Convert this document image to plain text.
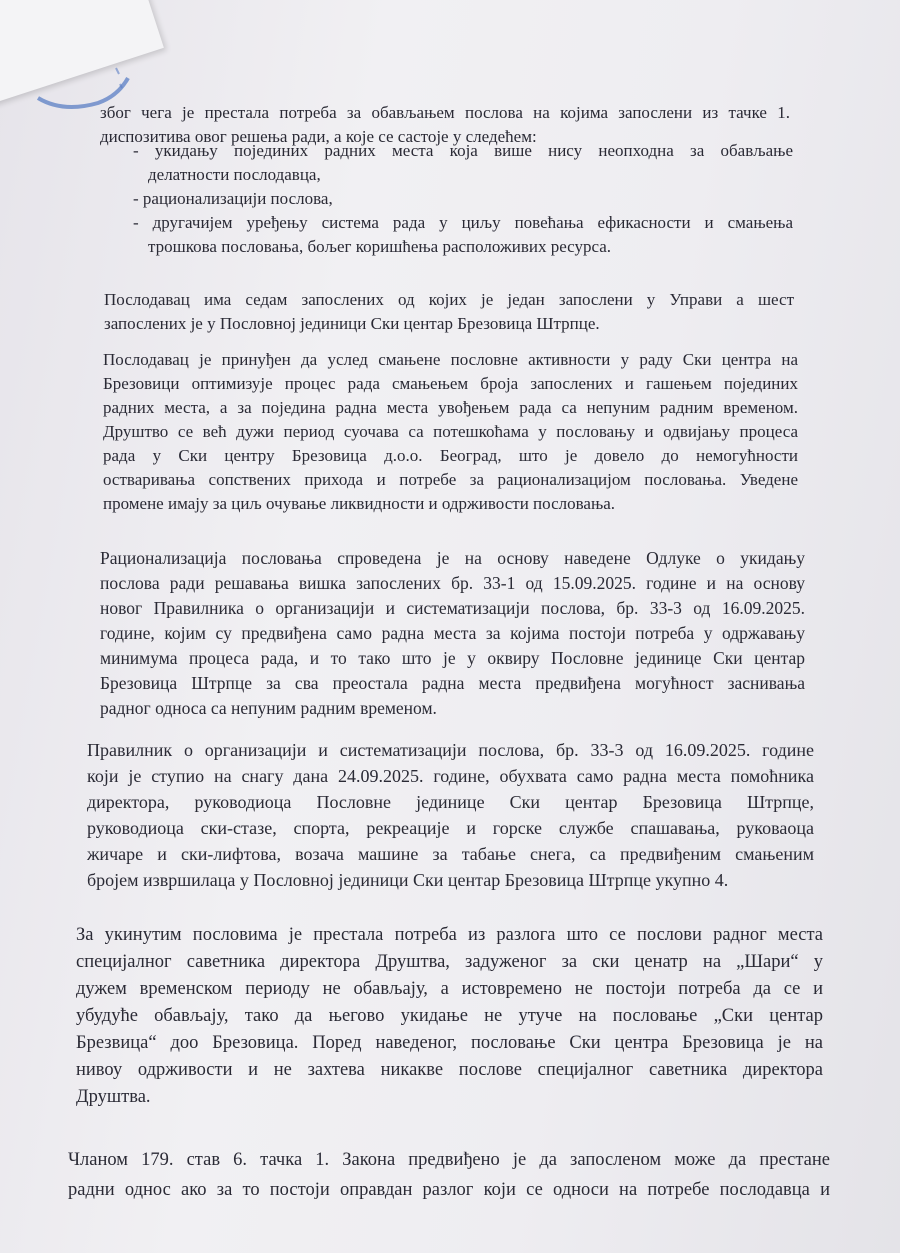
због чега је престала потреба за обављањем послова на којима запослени из тачке 1.
диспозитива овог решења ради, а које се састоје у следећем:
- укидању појединих радних места која више нису неопходна за обављање
делатности послодавца,
- рационализацији послова,
- другачијем уређењу система рада у циљу повећања ефикасности и смањења
трошкова пословања, бољег коришћења расположивих ресурса.
Послодавац има седам запослених од којих је један запослени у Управи а шест
запослених је у Пословној јединици Ски центар Брезовица Штрпце.
Послодавац је принуђен да услед смањене пословне активности у раду Ски центра на
Брезовици оптимизује процес рада смањењем броја запослених и гашењем појединих
радних места, а за поједина радна места увођењем рада са непуним радним временом.
Друштво се већ дужи период суочава са потешкоћама у пословању и одвијању процеса
рада у Ски центру Брезовица д.о.о. Београд, што је довело до немогућности
остваривања сопствених прихода и потребе за рационализацијом пословања. Уведене
промене имају за циљ очување ликвидности и одрживости пословања.
Рационализација пословања спроведена је на основу наведене Одлуке о укидању
послова ради решавања вишка запослених бр. 33-1 од 15.09.2025. године и на основу
новог Правилника о организацији и систематизацији послова, бр. 33-3 од 16.09.2025.
године, којим су предвиђена само радна места за којима постоји потреба у одржавању
минимума процеса рада, и то тако што је у оквиру Пословне јединице Ски центар
Брезовица Штрпце за сва преостала радна места предвиђена могућност заснивања
радног односа са непуним радним временом.
Правилник о организацији и систематизацији послова, бр. 33-3 од 16.09.2025. године
који је ступио на снагу дана 24.09.2025. године, обухвата само радна места помоћника
директора, руководиоца Пословне јединице Ски центар Брезовица Штрпце,
руководиоца ски-стазе, спорта, рекреације и горске службе спашавања, руковаоца
жичаре и ски-лифтова, возача машине за табање снега, са предвиђеним смањеним
бројем извршилаца у Пословној јединици Ски центар Брезовица Штрпце укупно 4.
За укинутим пословима је престала потреба из разлога што се послови радног места
специјалног саветника директора Друштва, задуженог за ски ценатр на „Шари“ у
дужем временском периоду не обављају, а истовремено не постоји потреба да се и
убудуће обављају, тако да његово укидање не утуче на пословање „Ски центар
Брезвица“ доо Брезовица. Поред наведеног, пословање Ски центра Брезовица је на
нивоу одрживости и не захтева никакве послове специјалног саветника директора
Друштва.
Чланом 179. став 6. тачка 1. Закона предвиђено је да запосленом може да престане
радни однос ако за то постоји оправдан разлог који се односи на потребе послодавца и
